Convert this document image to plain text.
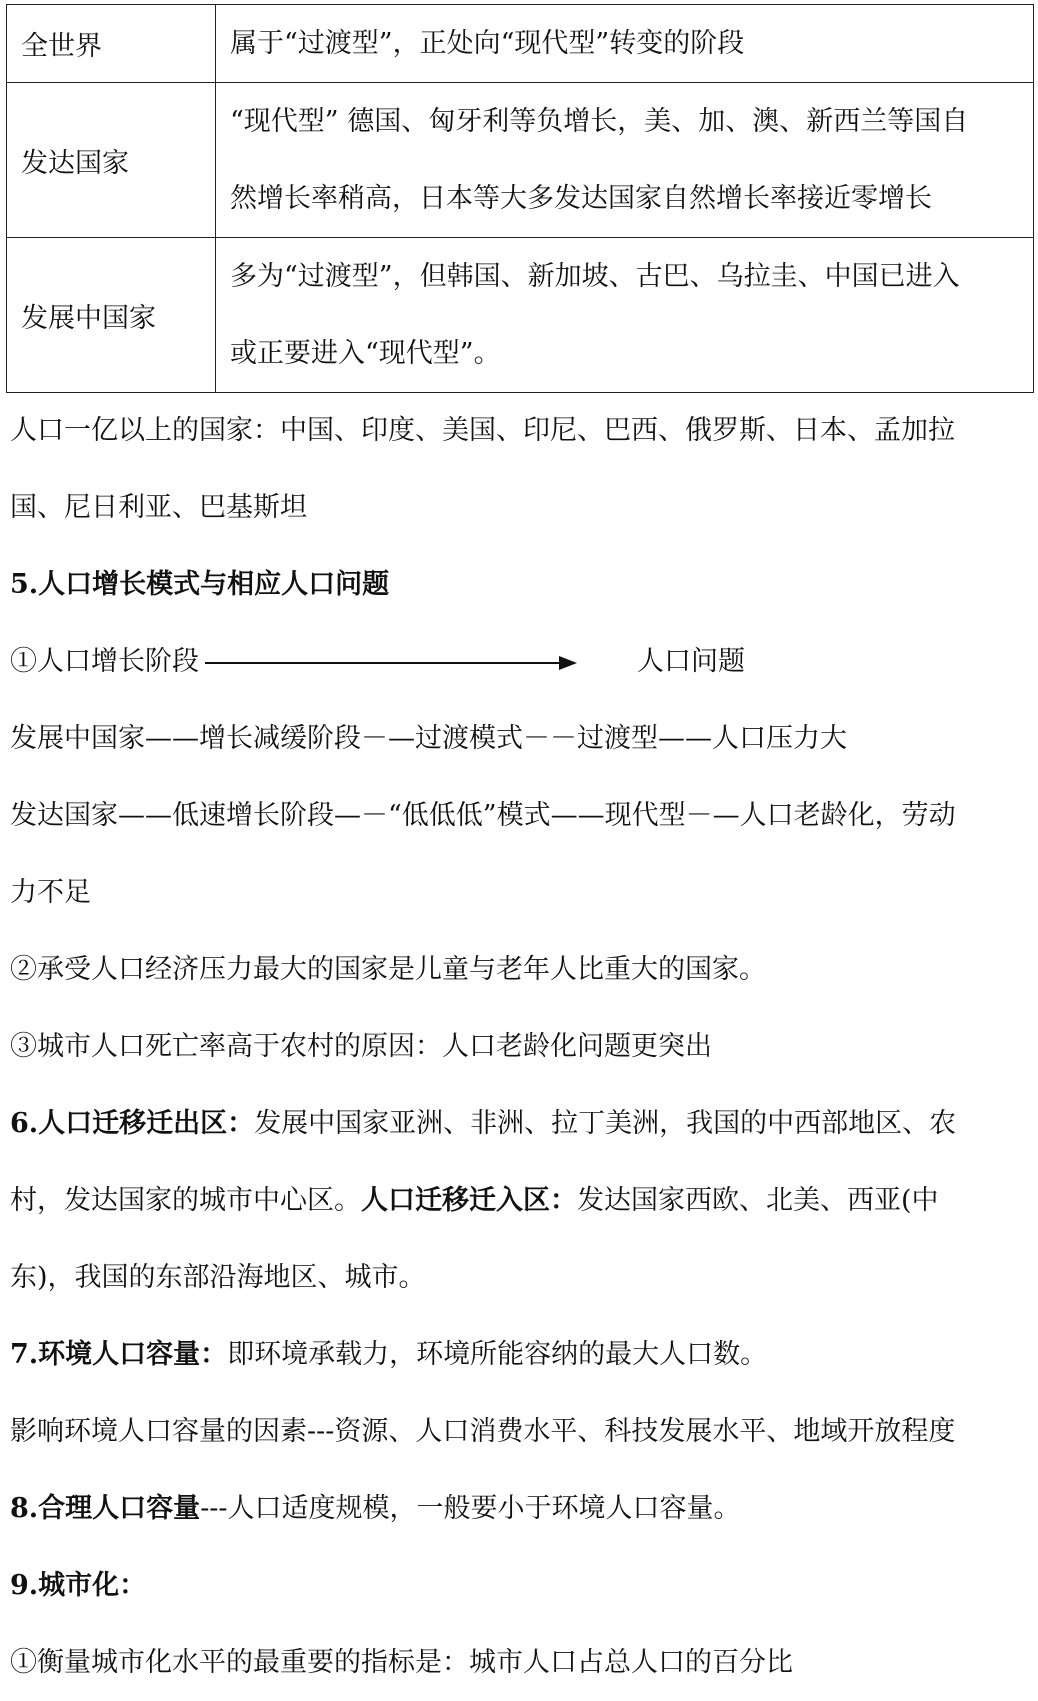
全世界	属于“过渡型”，正处向“现代型”转变的阶段

发达国家	“现代型” 德国、匈牙利等负增长，美、加、澳、新西兰等国自
然增长率稍高，日本等大多发达国家自然增长率接近零增长

发展中国家	多为“过渡型”，但韩国、新加坡、古巴、乌拉圭、中国已进入
或正要进入“现代型”。
人口一亿以上的国家：中国、印度、美国、印尼、巴西、俄罗斯、日本、孟加拉
国、尼日利亚、巴基斯坦
5.人口增长模式与相应人口问题
①人口增长阶段	人口问题
发展中国家——增长减缓阶段－—过渡模式－－过渡型——人口压力大
发达国家——低速增长阶段—－“低低低”模式——现代型－—人口老龄化，劳动
力不足
②承受人口经济压力最大的国家是儿童与老年人比重大的国家。
③城市人口死亡率高于农村的原因：人口老龄化问题更突出
6.人口迁移迁出区：发展中国家亚洲、非洲、拉丁美洲，我国的中西部地区、农
村，发达国家的城市中心区。人口迁移迁入区：发达国家西欧、北美、西亚(中
东)，我国的东部沿海地区、城市。
7.环境人口容量：即环境承载力，环境所能容纳的最大人口数。
影响环境人口容量的因素---资源、人口消费水平、科技发展水平、地域开放程度
8.合理人口容量---人口适度规模，一般要小于环境人口容量。
9.城市化：
①衡量城市化水平的最重要的指标是：城市人口占总人口的百分比
